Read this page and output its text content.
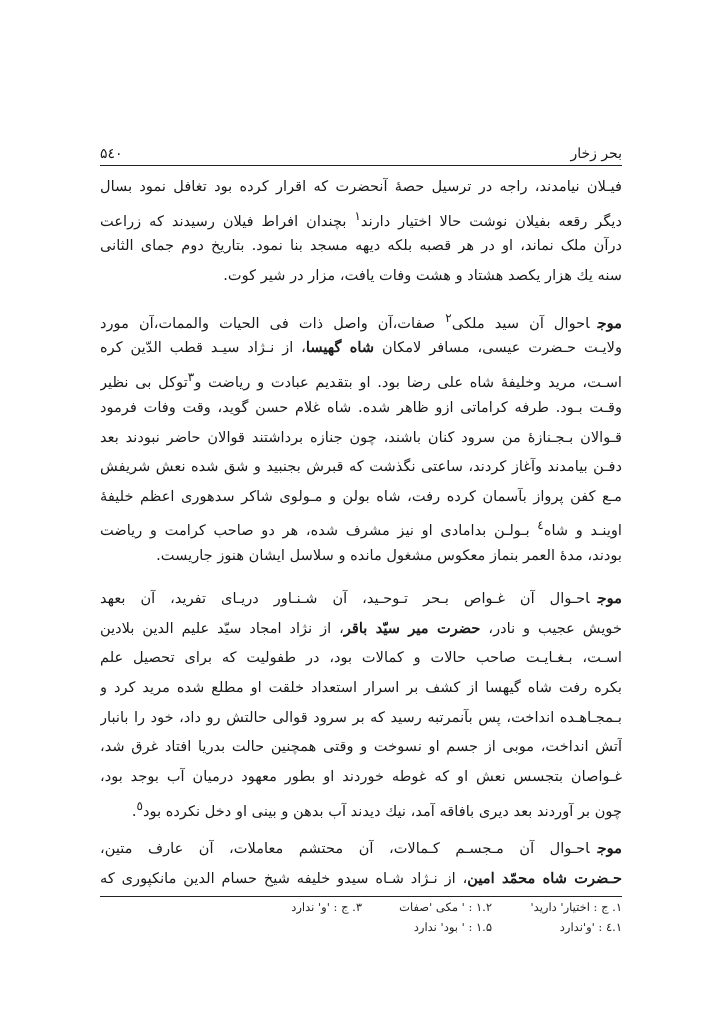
بحر زخار
۵٤۰
فیـلان نیامدند، راجه در ترسیل حصهٔ آنحضرت که اقرار کرده بود تغافل نمود بسال
دیگر رقعه بفیلان نوشت حالا اختیار دارند$^١$ بچندان افراط فیلان رسیدند که زراعت
درآن ملک نماند، او در هر قصبه بلکه دیهه مسجد بنا نمود. بتاریخ دوم جمای الثانی
سنه یك هزار یکصد هشتاد و هشت وفات یافت، مزار در شیر کوت.
موجاحوال آن سید ملکی$^٢$ صفات،آن واصل ذات فی الحیات والممات،آن مورد
ولایـت حـضرت عیسی، مسافر لامکان شاه گهیسا، از نـژاد سیـد قطب الدّین کره
اسـت، مرید وخلیفهٔ شاه علی رضا بود. او بتقدیم عبادت و ریاضت و$^٣$توکل بی نظیر
وقـت بـود. طرفه کراماتی ازو ظاهر شده. شاه غلام حسن گوید، وقت وفات فرمود
قـوالان بـجـنازهٔ من سرود کنان باشند، چون جنازه برداشتند قوالان حاضر نبودند بعد
دفـن بیامدند وآغاز کردند، ساعتی نگذشت که قبرش بجنبید و شق شده نعش شریفش
مـع کفن پرواز بآسمان کرده رفت، شاه بولن و مـولوی شاکر سدهوری اعظم خلیفهٔ
اوینـد و شاه$^٤$ بـولـن بدامادی او نیز مشرف شده، هر دو صاحب کرامت و ریاضت
بودند، مدهٔ العمر بنماز معکوس مشغول مانده و سلاسل ایشان هنوز جاریست.
موجاحـوال آن غـواص بـحر تـوحـید، آن شـنـاور دریـای تفرید، آن بعهد
خویش عجیب و نادر، حضرت میر سیّد باقر، از نژاد امجاد سیّد علیم الدین بلادین
اسـت، بـغـایـت صاحب حالات و کمالات بود، در طفولیت که برای تحصیل علم
بکره رفت شاه گیهسا از کشف بر اسرار استعداد خلقت او مطلع شده مرید کرد و
بـمجـاهـده انداخت، پس بآنمرتبه رسید که بر سرود قوالی حالتش رو داد، خود را بانبار
آتش انداخت، موبی از جسم او نسوخت و وقتی همچنین حالت بدریا افتاد غرق شد،
غـواصان بتجسس نعش او که غوطه خوردند او بطور معهود درمیان آب بوجد بود،
چون بر آوردند بعد دیری بافاقه آمد، نیك دیدند آب بدهن و بینی او دخل نکرده بود$^٥$.
موجاحـوال آن مـجسـم کـمالات، آن محتشم معاملات، آن عارف متین،
حـضرت شاه محمّد امین، از نـژاد شـاه سیدو خلیفه شیخ حسام الدین مانکپوری که
۱. ج : اختیار' دارید'
۱.۲ : ' مکی 'صفات
۳. ج : 'و' ندارد
۱.٤ : 'و'ندارد
۱.۵ : ' بود' ندارد
